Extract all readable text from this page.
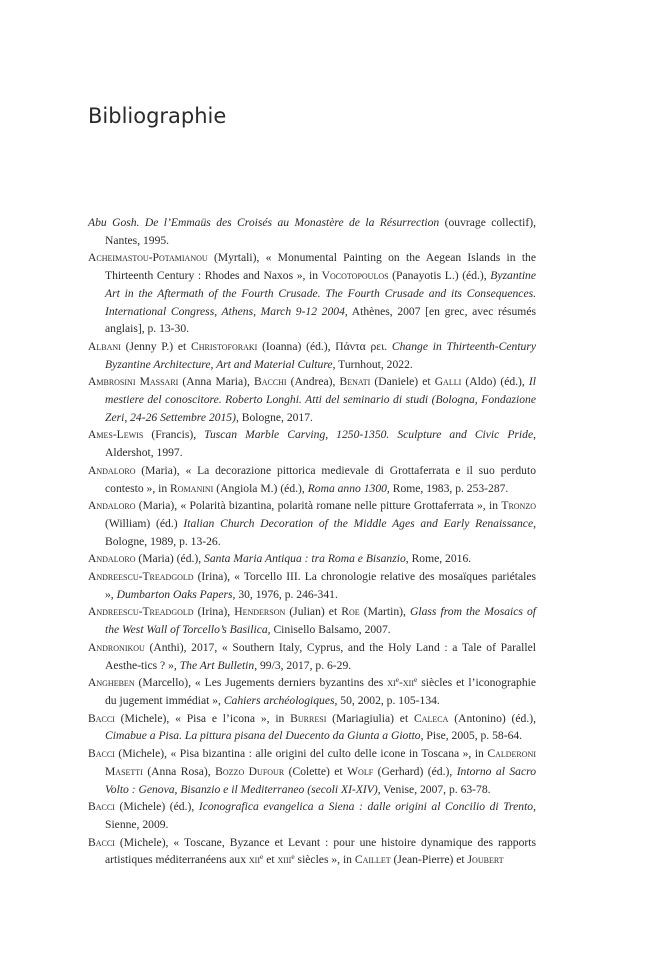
Bibliographie

Abu Gosh. De l’Emmaüs des Croisés au Monastère de la Résurrection (ouvrage collectif), Nantes, 1995.

Acheimastou-Potamianou (Myrtali), « Monumental Painting on the Aegean Islands in the Thirteenth Century : Rhodes and Naxos », in Vocotopoulos (Panayotis L.) (éd.), Byzantine Art in the Aftermath of the Fourth Crusade. The Fourth Crusade and its Consequences. International Congress, Athens, March 9-12 2004, Athènes, 2007 [en grec, avec résumés anglais], p. 13-30.

Albani (Jenny P.) et Christoforaki (Ioanna) (éd.), Πάντα ρει. Change in Thirteenth-Century Byzantine Architecture, Art and Material Culture, Turnhout, 2022.

Ambrosini Massari (Anna Maria), Bacchi (Andrea), Benati (Daniele) et Galli (Aldo) (éd.), Il mestiere del conoscitore. Roberto Longhi. Atti del seminario di studi (Bologna, Fondazione Zeri, 24-26 Settembre 2015), Bologne, 2017.

Ames-Lewis (Francis), Tuscan Marble Carving, 1250-1350. Sculpture and Civic Pride, Aldershot, 1997.

Andaloro (Maria), « La decorazione pittorica medievale di Grottaferrata e il suo perduto contesto », in Romanini (Angiola M.) (éd.), Roma anno 1300, Rome, 1983, p. 253-287.

Andaloro (Maria), « Polarità bizantina, polarità romane nelle pitture Grottaferrata », in Tronzo (William) (éd.) Italian Church Decoration of the Middle Ages and Early Renaissance, Bologne, 1989, p. 13-26.

Andaloro (Maria) (éd.), Santa Maria Antiqua : tra Roma e Bisanzio, Rome, 2016.

Andreescu-Treadgold (Irina), « Torcello III. La chronologie relative des mosaïques pariétales », Dumbarton Oaks Papers, 30, 1976, p. 246-341.

Andreescu-Treadgold (Irina), Henderson (Julian) et Roe (Martin), Glass from the Mosaics of the West Wall of Torcello’s Basilica, Cinisello Balsamo, 2007.

Andronikou (Anthi), 2017, « Southern Italy, Cyprus, and the Holy Land : a Tale of Parallel Aesthe-tics ? », The Art Bulletin, 99/3, 2017, p. 6-29.

Angheben (Marcello), « Les Jugements derniers byzantins des $xi^e-xii^e$ siècles et l’iconographie du jugement immédiat », Cahiers archéologiques, 50, 2002, p. 105-134.

Bacci (Michele), « Pisa e l’icona », in Burresi (Mariagiulia) et Caleca (Antonino) (éd.), Cimabue a Pisa. La pittura pisana del Duecento da Giunta a Giotto, Pise, 2005, p. 58-64.

Bacci (Michele), « Pisa bizantina : alle origini del culto delle icone in Toscana », in Calderoni Masetti (Anna Rosa), Bozzo Dufour (Colette) et Wolf (Gerhard) (éd.), Intorno al Sacro Volto : Genova, Bisanzio e il Mediterraneo (secoli XI-XIV), Venise, 2007, p. 63-78.

Bacci (Michele) (éd.), Iconografica evangelica a Siena : dalle origini al Concilio di Trento, Sienne, 2009.

Bacci (Michele), « Toscane, Byzance et Levant : pour une histoire dynamique des rapports artistiques méditerranéens aux xii$^e$ et xiii$^e$ siècles », in Caillet (Jean-Pierre) et Joubert
